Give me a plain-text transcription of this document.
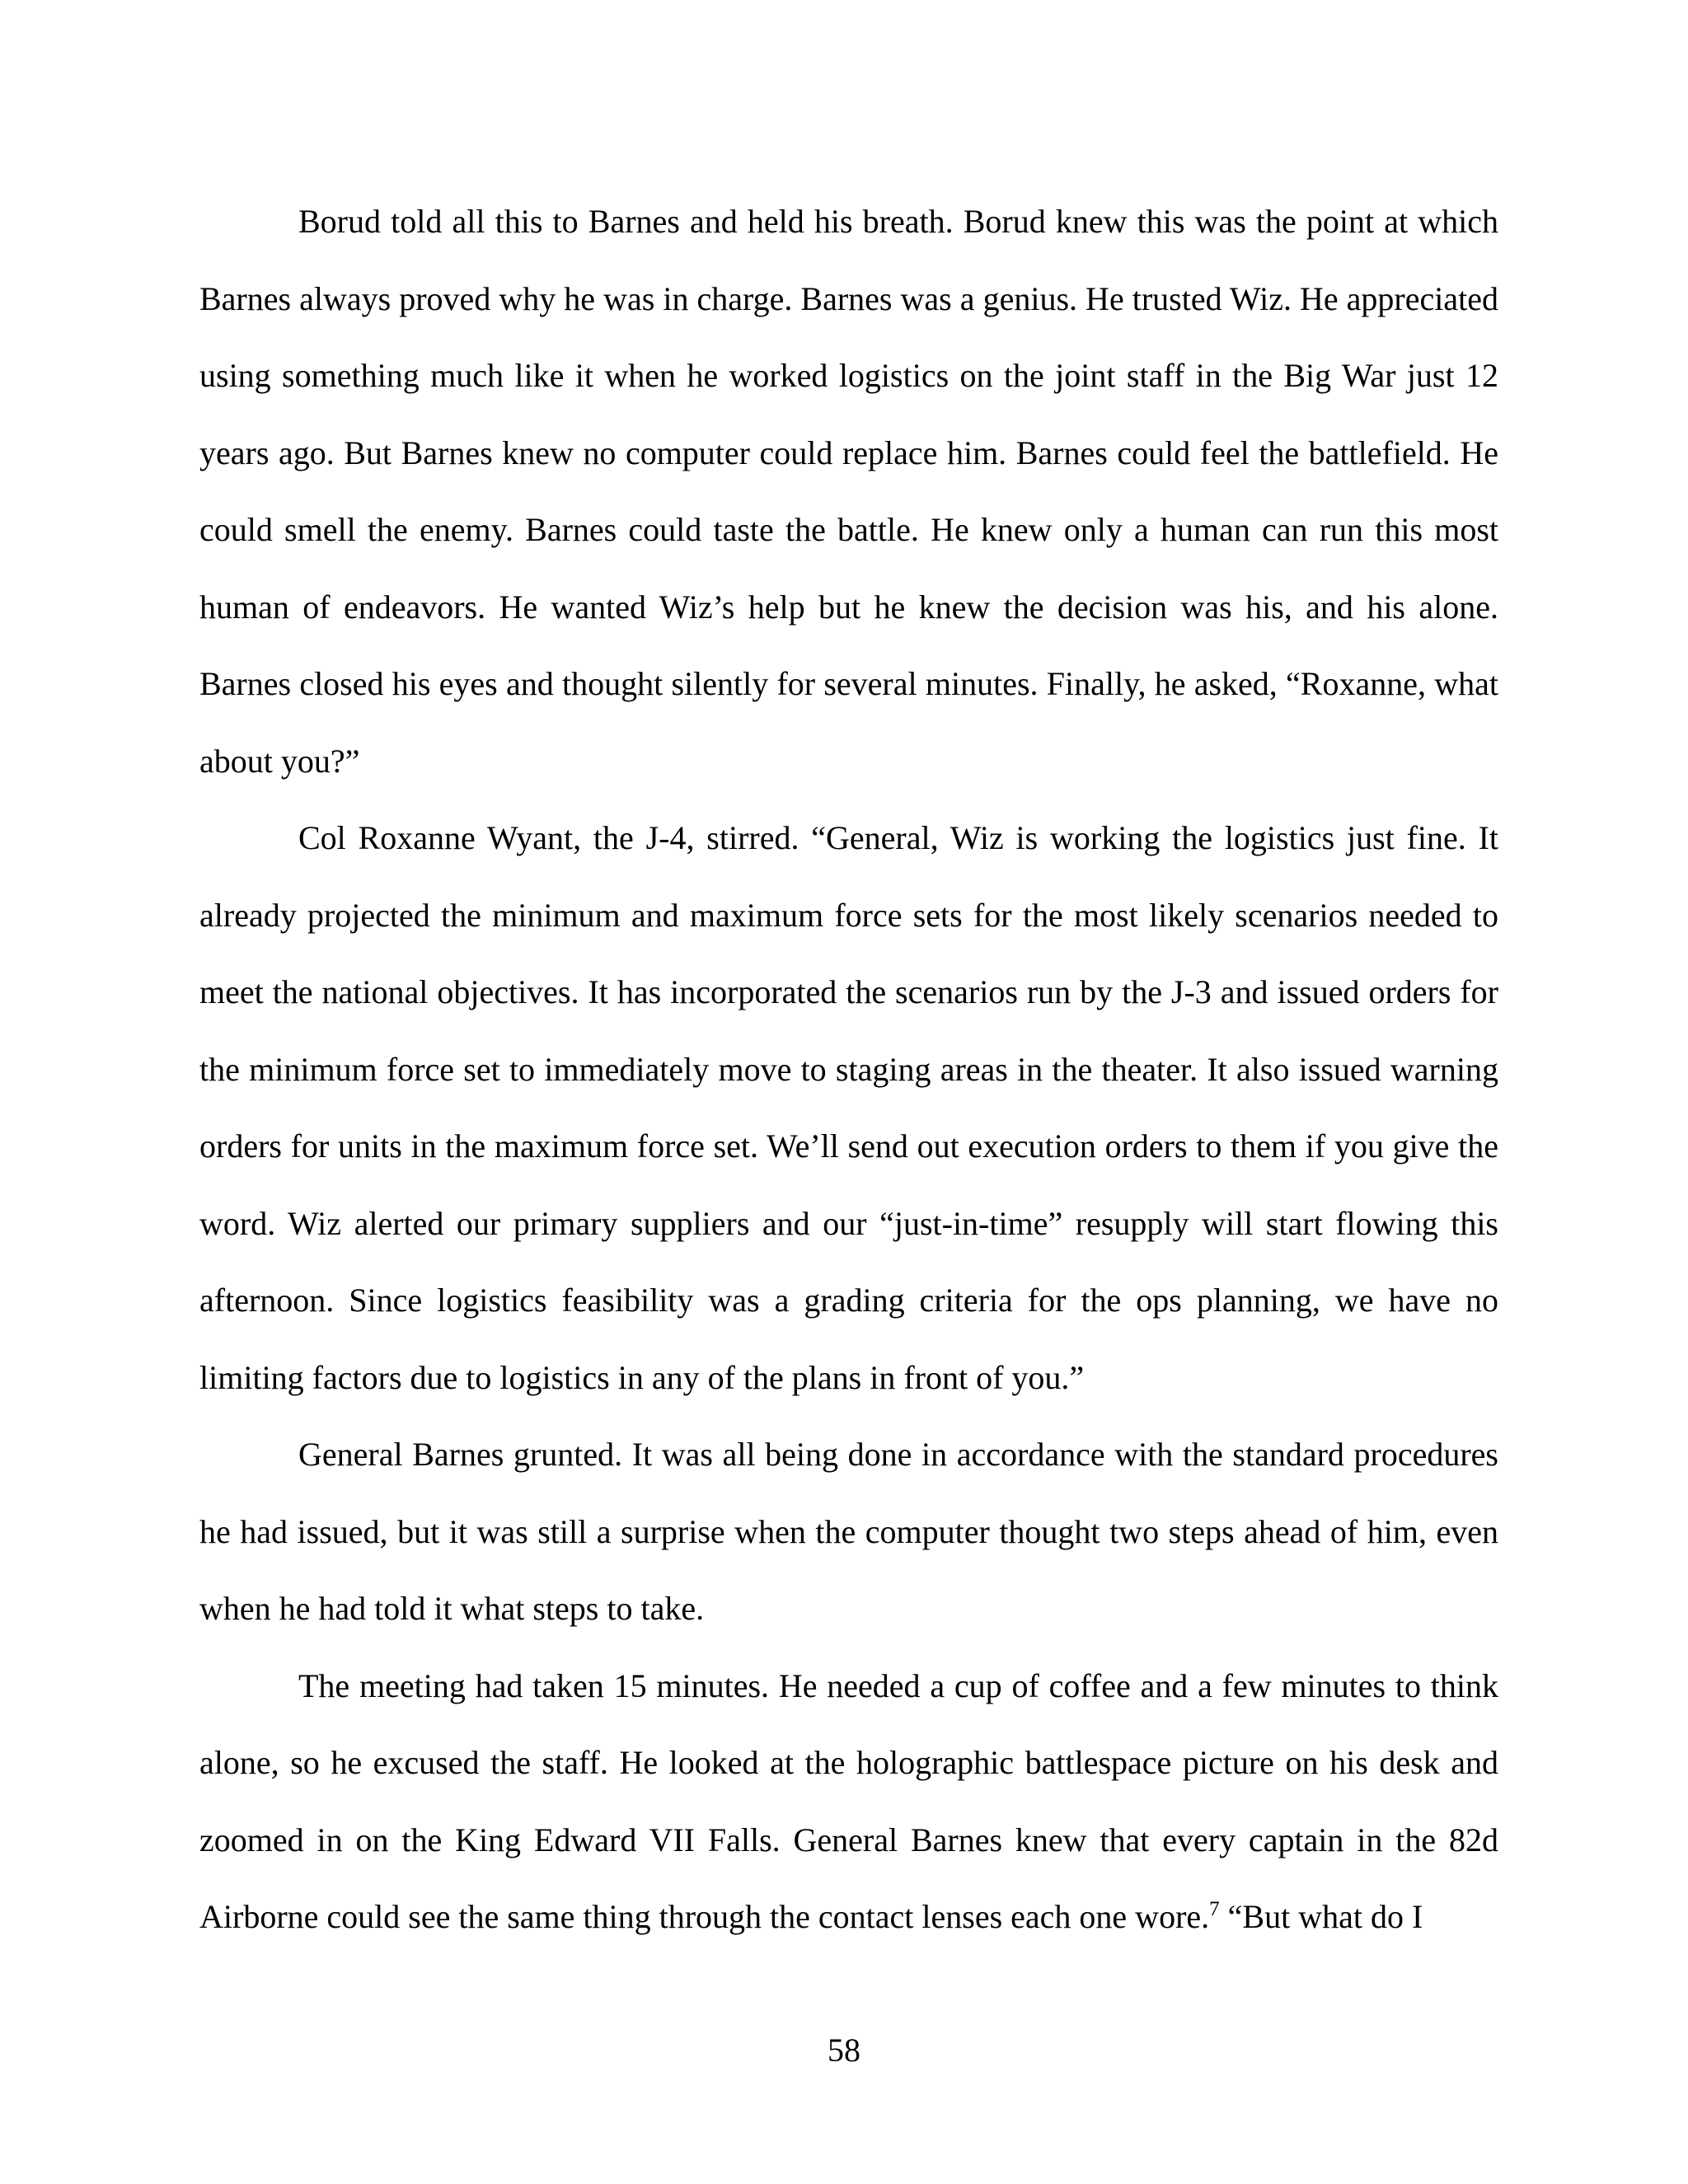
Borud told all this to Barnes and held his breath. Borud knew this was the point at which Barnes always proved why he was in charge. Barnes was a genius. He trusted Wiz. He appreciated using something much like it when he worked logistics on the joint staff in the Big War just 12 years ago. But Barnes knew no computer could replace him. Barnes could feel the battlefield. He could smell the enemy. Barnes could taste the battle. He knew only a human can run this most human of endeavors. He wanted Wiz’s help but he knew the decision was his, and his alone. Barnes closed his eyes and thought silently for several minutes. Finally, he asked, “Roxanne, what about you?”

Col Roxanne Wyant, the J-4, stirred. “General, Wiz is working the logistics just fine. It already projected the minimum and maximum force sets for the most likely scenarios needed to meet the national objectives. It has incorporated the scenarios run by the J-3 and issued orders for the minimum force set to immediately move to staging areas in the theater. It also issued warning orders for units in the maximum force set. We’ll send out execution orders to them if you give the word. Wiz alerted our primary suppliers and our “just-in-time” resupply will start flowing this afternoon. Since logistics feasibility was a grading criteria for the ops planning, we have no limiting factors due to logistics in any of the plans in front of you.”

General Barnes grunted. It was all being done in accordance with the standard procedures he had issued, but it was still a surprise when the computer thought two steps ahead of him, even when he had told it what steps to take.

The meeting had taken 15 minutes. He needed a cup of coffee and a few minutes to think alone, so he excused the staff. He looked at the holographic battlespace picture on his desk and zoomed in on the King Edward VII Falls. General Barnes knew that every captain in the 82d Airborne could see the same thing through the contact lenses each one wore.$^7$ “But what do I

58
